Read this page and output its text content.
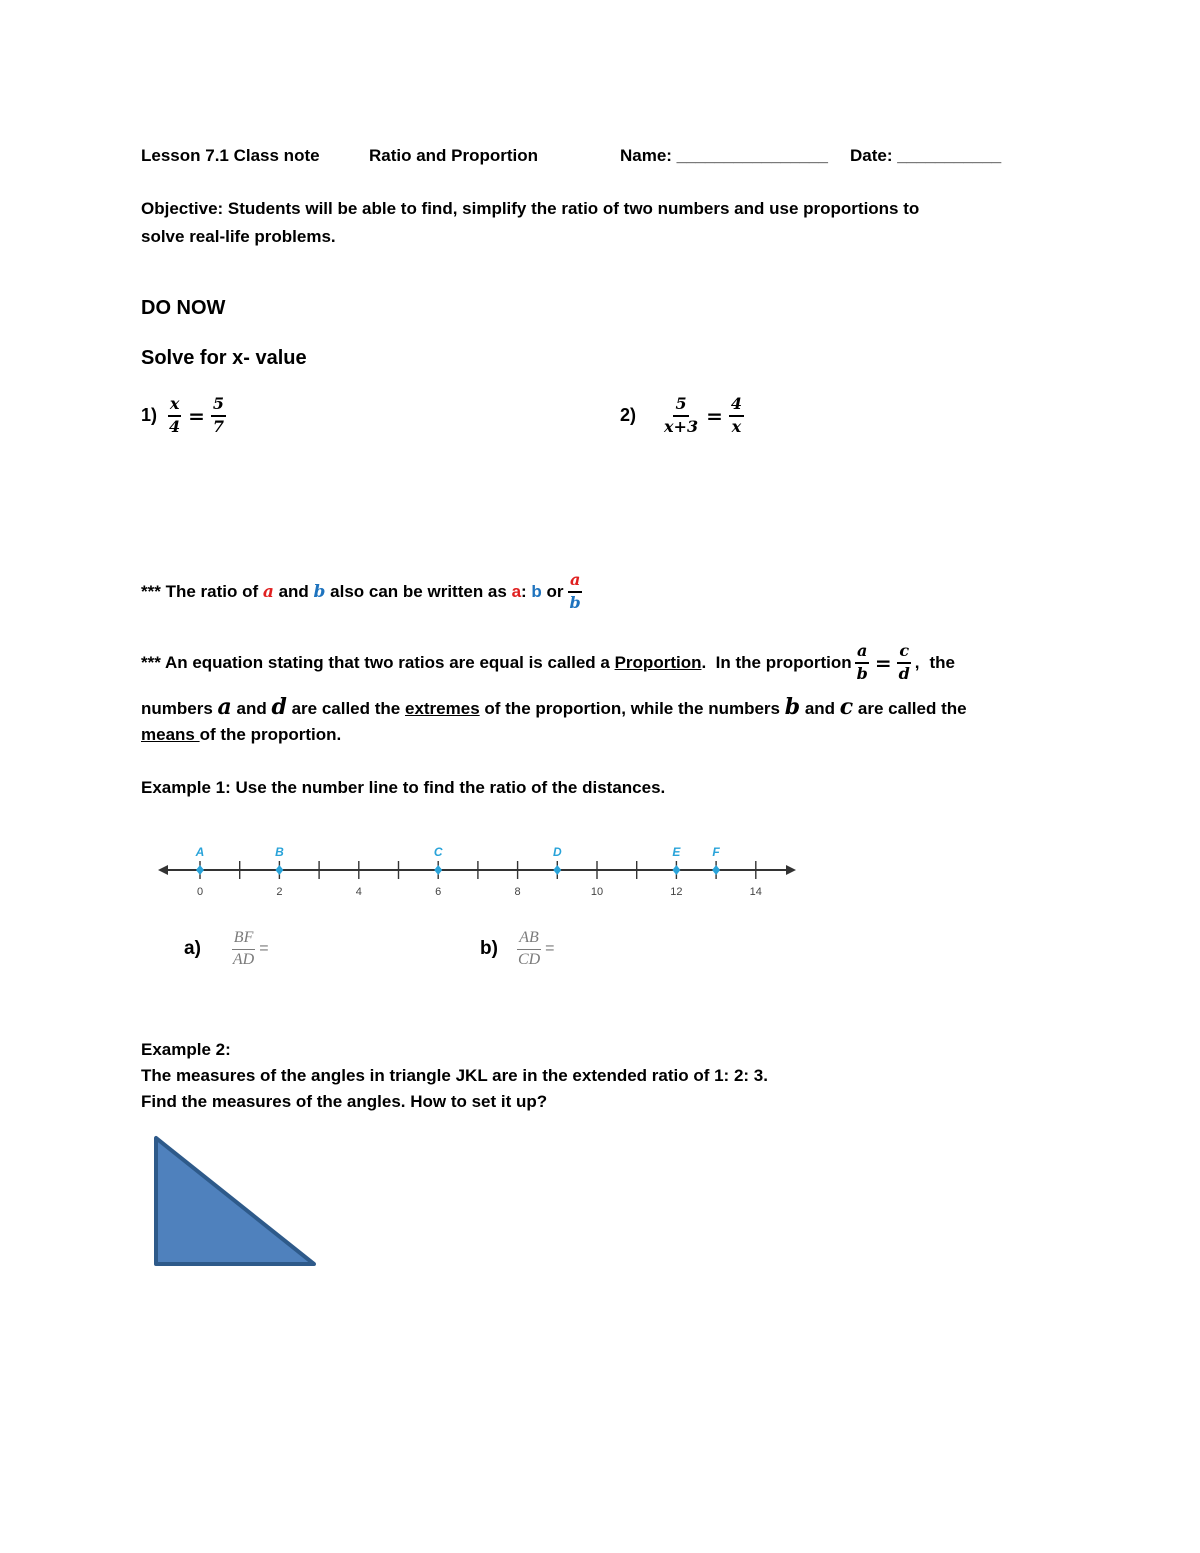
Lesson 7.1 Class note	Ratio and Proportion	Name: ________________ Date: ___________
Objective: Students will be able to find, simplify the ratio of two numbers and use proportions to
solve real-life problems.
DO NOW
Solve for x- value
$1) \frac{x}{4} = \frac{5}{7}$	$2) \frac{5}{x+3} = \frac{4}{x}$
*** The ratio of a and b also can be written as a : b or $\frac{a}{b}$
*** An equation stating that two ratios are equal is called a Proportion .  In the proportion $\frac{a}{b} = \frac{c}{d}$ , the
numbers a and d are called the extremes of the proportion, while the numbers b and c are called the
means of the proportion.
Example 1: Use the number line to find the ratio of the distances.
0	2	4	6	8	10	12	14
A	B	C	D	E	F
$a) \frac{BF}{AD}$ =	$b) \frac{AB}{CD}$ =
Example 2:
The measures of the angles in triangle JKL are in the extended ratio of 1: 2: 3.
Find the measures of the angles. How to set it up?
